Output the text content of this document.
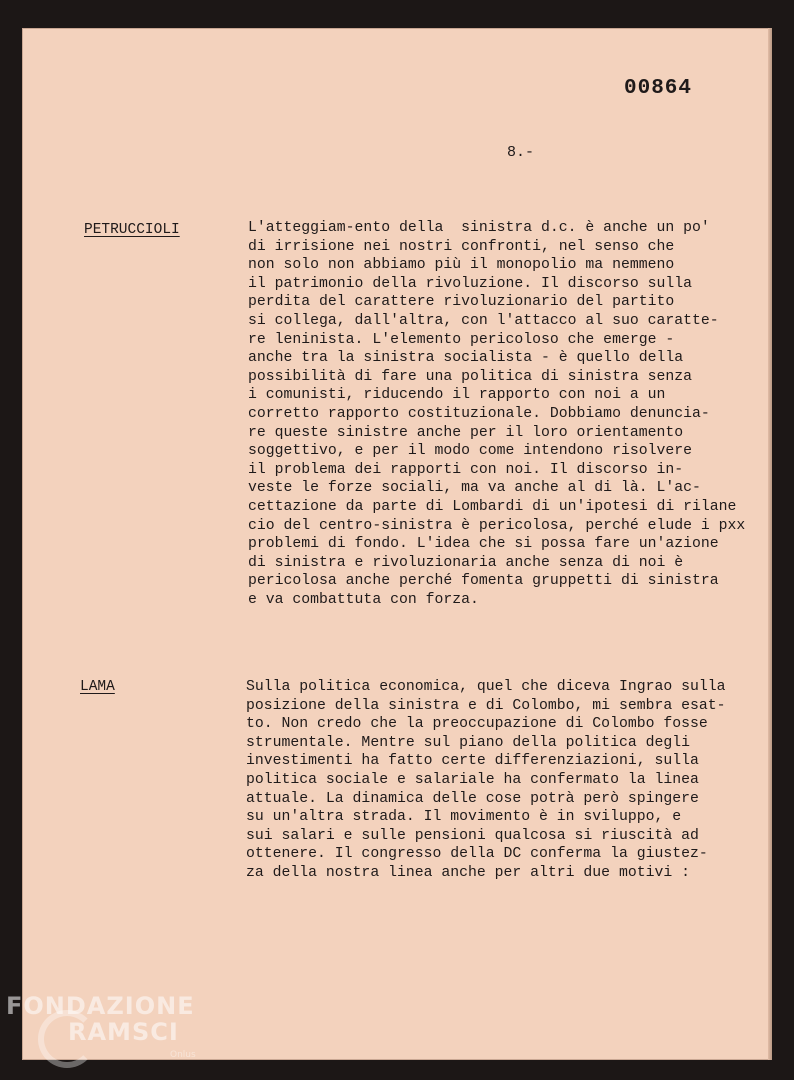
00864
8.-
PETRUCCIOLI	L'atteggiam-ento della  sinistra d.c. è anche un po'
di irrisione nei nostri confronti, nel senso che
non solo non abbiamo più il monopolio ma nemmeno
il patrimonio della rivoluzione. Il discorso sulla
perdita del carattere rivoluzionario del partito
si collega, dall'altra, con l'attacco al suo caratte-
re leninista. L'elemento pericoloso che emerge -
anche tra la sinistra socialista - è quello della
possibilità di fare una politica di sinistra senza
i comunisti, riducendo il rapporto con noi a un
corretto rapporto costituzionale. Dobbiamo denuncia-
re queste sinistre anche per il loro orientamento
soggettivo, e per il modo come intendono risolvere
il problema dei rapporti con noi. Il discorso in-
veste le forze sociali, ma va anche al di là. L'ac-
cettazione da parte di Lombardi di un'ipotesi di rilane
cio del centro-sinistra è pericolosa, perché elude i pxx
problemi di fondo. L'idea che si possa fare un'azione
di sinistra e rivoluzionaria anche senza di noi è
pericolosa anche perché fomenta gruppetti di sinistra
e va combattuta con forza.
LAMA	Sulla politica economica, quel che diceva Ingrao sulla
posizione della sinistra e di Colombo, mi sembra esat-
to. Non credo che la preoccupazione di Colombo fosse
strumentale. Mentre sul piano della politica degli
investimenti ha fatto certe differenziazioni, sulla
politica sociale e salariale ha confermato la linea
attuale. La dinamica delle cose potrà però spingere
su un'altra strada. Il movimento è in sviluppo, e
sui salari e sulle pensioni qualcosa si riuscità ad
ottenere. Il congresso della DC conferma la giustez-
za della nostra linea anche per altri due motivi :
FONDAZIONE
RAMSCI
Onlus
